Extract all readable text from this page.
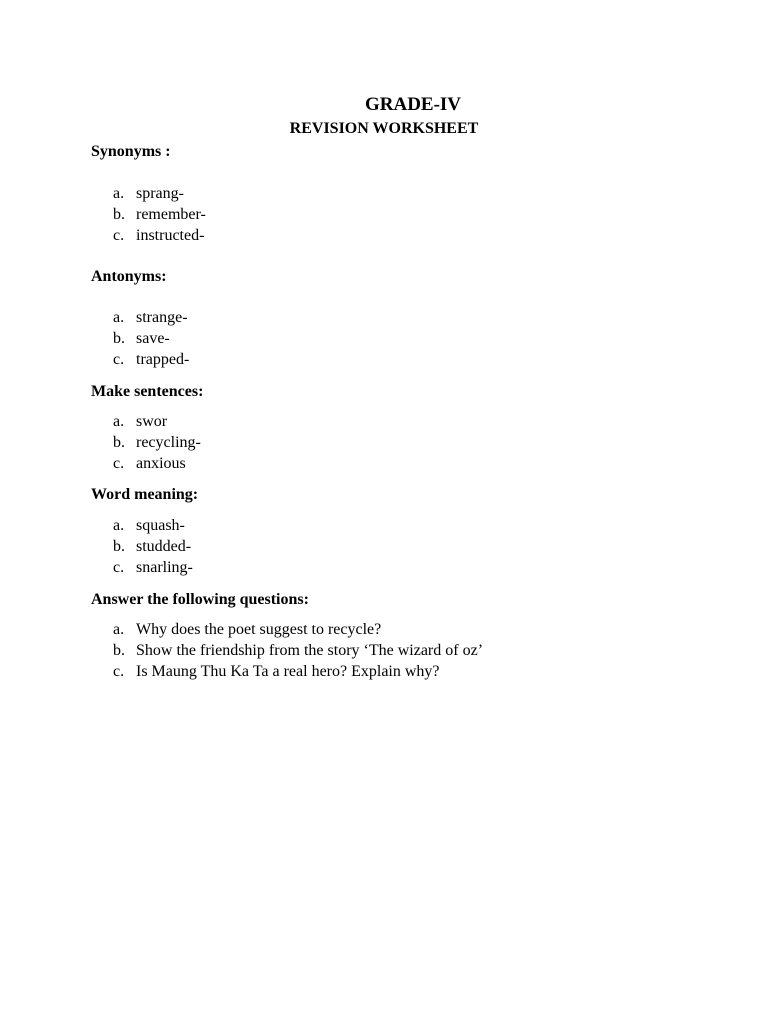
GRADE-IV
REVISION WORKSHEET
Synonyms :
a. sprang-
b. remember-
c. instructed-
Antonyms:
a. strange-
b. save-
c. trapped-
Make sentences:
a. swor
b. recycling-
c. anxious
Word meaning:
a. squash-
b. studded-
c. snarling-
Answer the following questions:
a. Why does the poet suggest to recycle?
b. Show the friendship from the story ‘The wizard of oz’
c. Is Maung Thu Ka Ta a real hero? Explain why?
